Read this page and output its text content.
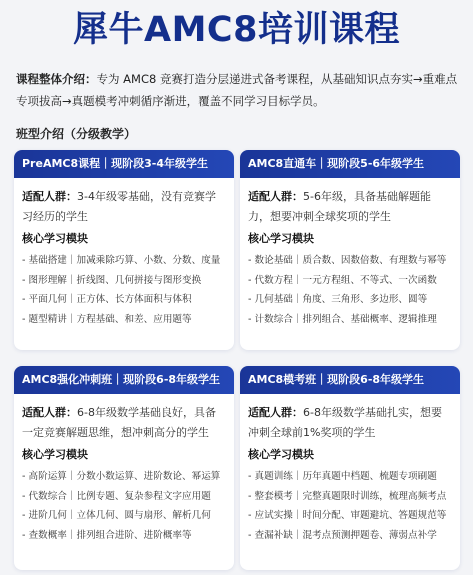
犀牛AMC8培训课程
课程整体介绍：专为 AMC8 竞赛打造分层递进式备考课程，从基础知识点夯实→重难点专项拔高→真题模考冲刺循序渐进，覆盖不同学习目标学员。
班型介绍（分级教学）
PreAMC8课程｜现阶段3-4年级学生

适配人群：3-4年级零基础，没有竞赛学习经历的学生

核心学习模块
- 基础搭建｜加减乘除巧算、小数、分数、度量
- 图形理解｜折线图、几何拼接与图形变换
- 平面几何｜正方体、长方体面积与体积
- 题型精讲｜方程基础、和差、应用题等
AMC8直通车｜现阶段5-6年级学生

适配人群：5-6年级，具备基础解题能力，想要冲刺全球奖项的学生

核心学习模块
- 数论基础｜质合数、因数倍数、有理数与幂等
- 代数方程｜一元方程组、不等式、一次函数
- 几何基础｜角度、三角形、多边形、圆等
- 计数综合｜排列组合、基础概率、逻辑推理
AMC8强化冲刺班｜现阶段6-8年级学生

适配人群：6-8年级数学基础良好，具备一定竞赛解题思维，想冲刺高分的学生

核心学习模块
- 高阶运算｜分数小数运算、进阶数论、幂运算
- 代数综合｜比例专题、复杂参程文字应用题
- 进阶几何｜立体几何、圆与扇形、解析几何
- 查数概率｜排列组合进阶、进阶概率等
AMC8模考班｜现阶段6-8年级学生

适配人群：6-8年级数学基础扎实，想要冲刺全球前1%奖项的学生

核心学习模块
- 真题训练｜历年真题中档题、梳题专项刷题
- 整套模考｜完整真题限时训练，梳理高频考点
- 应试实操｜时间分配、审题避坑、答题规范等
- 查漏补缺｜混考点预测押题卷、薄弱点补学
